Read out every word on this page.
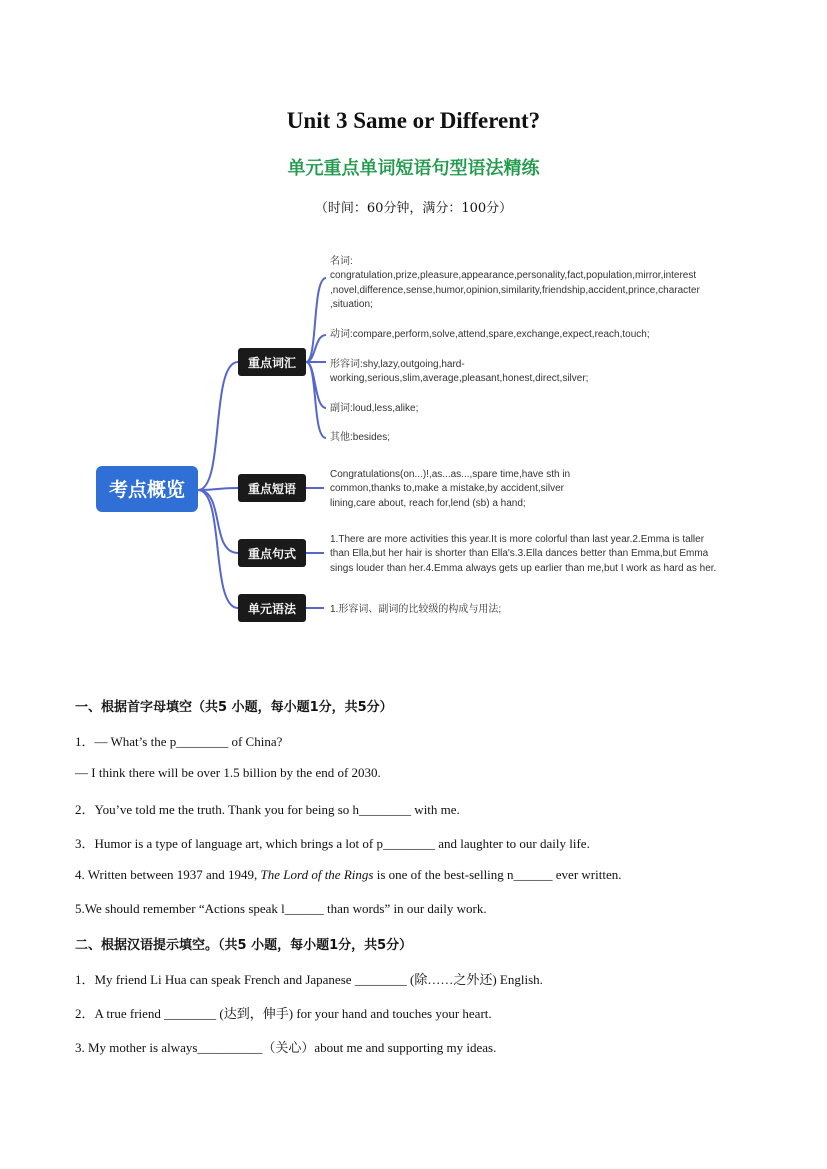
Unit 3 Same or Different?
单元重点单词短语句型语法精练
（时间：60分钟，满分：100分）
考点概览
重点词汇
重点短语
重点句式
单元语法
名词:
congratulation,prize,pleasure,appearance,personality,fact,population,mirror,interest
,novel,difference,sense,humor,opinion,similarity,friendship,accident,prince,character
,situation;
动词:compare,perform,solve,attend,spare,exchange,expect,reach,touch;
形容词:shy,lazy,outgoing,hard-
working,serious,slim,average,pleasant,honest,direct,silver;
副词:loud,less,alike;
其他:besides;
Congratulations(on...)!,as...as...,spare time,have sth in
common,thanks to,make a mistake,by accident,silver
lining,care about, reach for,lend (sb) a hand;
1.There are more activities this year.It is more colorful than last year.2.Emma is taller
than Ella,but her hair is shorter than Ella's.3.Ella dances better than Emma,but Emma
sings louder than her.4.Emma always gets up earlier than me,but I work as hard as her.
1.形容词、副词的比较级的构成与用法;
一、根据首字母填空（共5 小题，每小题1分，共5分）
1．— What’s the p________ of China?
— I think there will be over 1.5 billion by the end of 2030.
2．You’ve told me the truth. Thank you for being so h________ with me.
3．Humor is a type of language art, which brings a lot of p________ and laughter to our daily life.
4. Written between 1937 and 1949, The Lord of the Rings is one of the best-selling n______ ever written.
5.We should remember “Actions speak l______ than words” in our daily work.
二、根据汉语提示填空。（共5 小题，每小题1分，共5分）
1．My friend Li Hua can speak French and Japanese ________ (除……之外还) English.
2．A true friend ________ (达到，伸手) for your hand and touches your heart.
3. My mother is always__________（关心）about me and supporting my ideas.
